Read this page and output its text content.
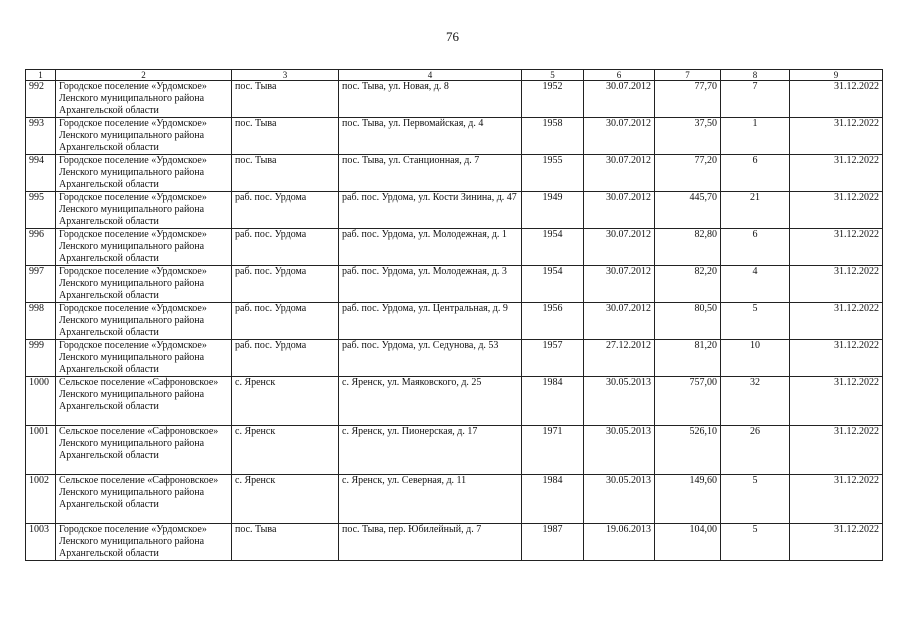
76
1	2	3	4	5	6	7	8	9
992	Городское поселение «Урдомское» Ленского муниципального района Архангельской области	пос. Тыва	пос. Тыва, ул. Новая, д. 8	1952	30.07.2012	77,70	7	31.12.2022
993	Городское поселение «Урдомское» Ленского муниципального района Архангельской области	пос. Тыва	пос. Тыва, ул. Первомайская, д. 4	1958	30.07.2012	37,50	1	31.12.2022
994	Городское поселение «Урдомское» Ленского муниципального района Архангельской области	пос. Тыва	пос. Тыва, ул. Станционная, д. 7	1955	30.07.2012	77,20	6	31.12.2022
995	Городское поселение «Урдомское» Ленского муниципального района Архангельской области	раб. пос. Урдома	раб. пос. Урдома, ул. Кости Зинина, д. 47	1949	30.07.2012	445,70	21	31.12.2022
996	Городское поселение «Урдомское» Ленского муниципального района Архангельской области	раб. пос. Урдома	раб. пос. Урдома, ул. Молодежная, д. 1	1954	30.07.2012	82,80	6	31.12.2022
997	Городское поселение «Урдомское» Ленского муниципального района Архангельской области	раб. пос. Урдома	раб. пос. Урдома, ул. Молодежная, д. 3	1954	30.07.2012	82,20	4	31.12.2022
998	Городское поселение «Урдомское» Ленского муниципального района Архангельской области	раб. пос. Урдома	раб. пос. Урдома, ул. Центральная, д. 9	1956	30.07.2012	80,50	5	31.12.2022
999	Городское поселение «Урдомское» Ленского муниципального района Архангельской области	раб. пос. Урдома	раб. пос. Урдома, ул. Седунова, д. 53	1957	27.12.2012	81,20	10	31.12.2022
1000	Сельское поселение «Сафроновское» Ленского муниципального района Архангельской области	с. Яренск	с. Яренск, ул. Маяковского, д. 25	1984	30.05.2013	757,00	32	31.12.2022
1001	Сельское поселение «Сафроновское» Ленского муниципального района Архангельской области	с. Яренск	с. Яренск, ул. Пионерская, д. 17	1971	30.05.2013	526,10	26	31.12.2022
1002	Сельское поселение «Сафроновское» Ленского муниципального района Архангельской области	с. Яренск	с. Яренск, ул. Северная, д. 11	1984	30.05.2013	149,60	5	31.12.2022
1003	Городское поселение «Урдомское» Ленского муниципального района Архангельской области	пос. Тыва	пос. Тыва, пер. Юбилейный, д. 7	1987	19.06.2013	104,00	5	31.12.2022
